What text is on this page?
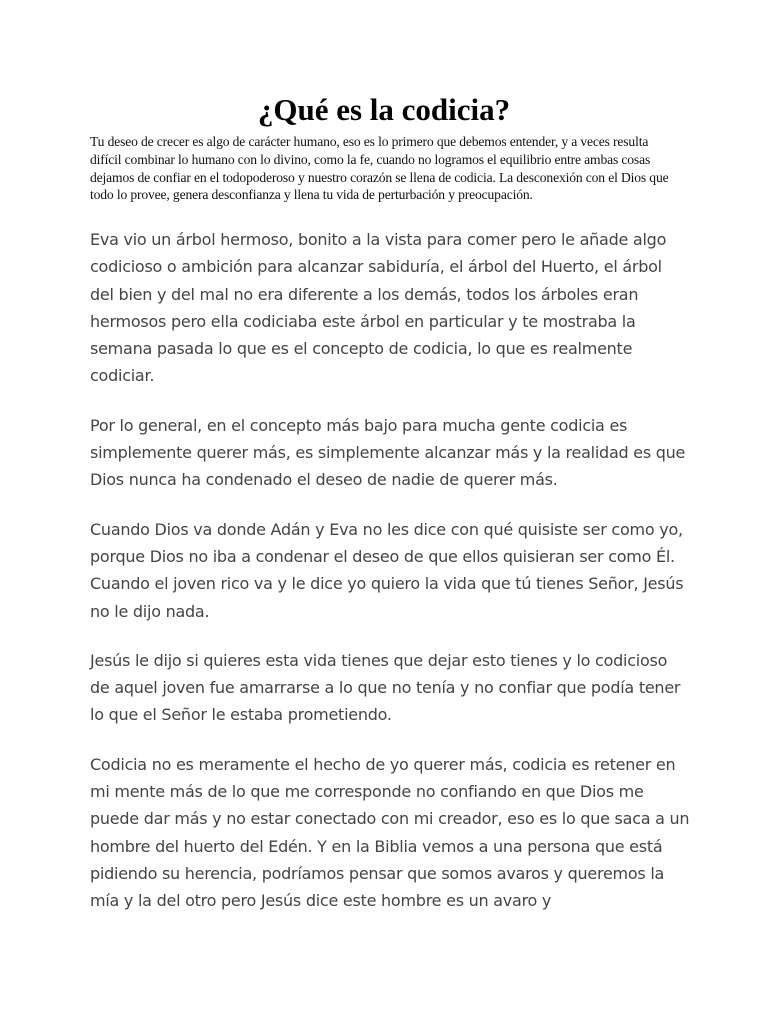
¿Qué es la codicia?

Tu deseo de crecer es algo de carácter humano, eso es lo primero que debemos entender, y a veces resulta difícil combinar lo humano con lo divino, como la fe, cuando no logramos el equilibrio entre ambas cosas dejamos de confiar en el todopoderoso y nuestro corazón se llena de codicia. La desconexión con el Dios que todo lo provee, genera desconfianza y llena tu vida de perturbación y preocupación.

Eva vio un árbol hermoso, bonito a la vista para comer pero le añade algo codicioso o ambición para alcanzar sabiduría, el árbol del Huerto, el árbol del bien y del mal no era diferente a los demás, todos los árboles eran hermosos pero ella codiciaba este árbol en particular y te mostraba la semana pasada lo que es el concepto de codicia, lo que es realmente codiciar.

Por lo general, en el concepto más bajo para mucha gente codicia es simplemente querer más, es simplemente alcanzar más y la realidad es que Dios nunca ha condenado el deseo de nadie de querer más.

Cuando Dios va donde Adán y Eva no les dice con qué quisiste ser como yo, porque Dios no iba a condenar el deseo de que ellos quisieran ser como Él. Cuando el joven rico va y le dice yo quiero la vida que tú tienes Señor, Jesús no le dijo nada.

Jesús le dijo si quieres esta vida tienes que dejar esto tienes y lo codicioso de aquel joven fue amarrarse a lo que no tenía y no confiar que podía tener lo que el Señor le estaba prometiendo.

Codicia no es meramente el hecho de yo querer más, codicia es retener en mi mente más de lo que me corresponde no confiando en que Dios me puede dar más y no estar conectado con mi creador, eso es lo que saca a un hombre del huerto del Edén. Y en la Biblia vemos a una persona que está pidiendo su herencia, podríamos pensar que somos avaros y queremos la mía y la del otro pero Jesús dice este hombre es un avaro y
